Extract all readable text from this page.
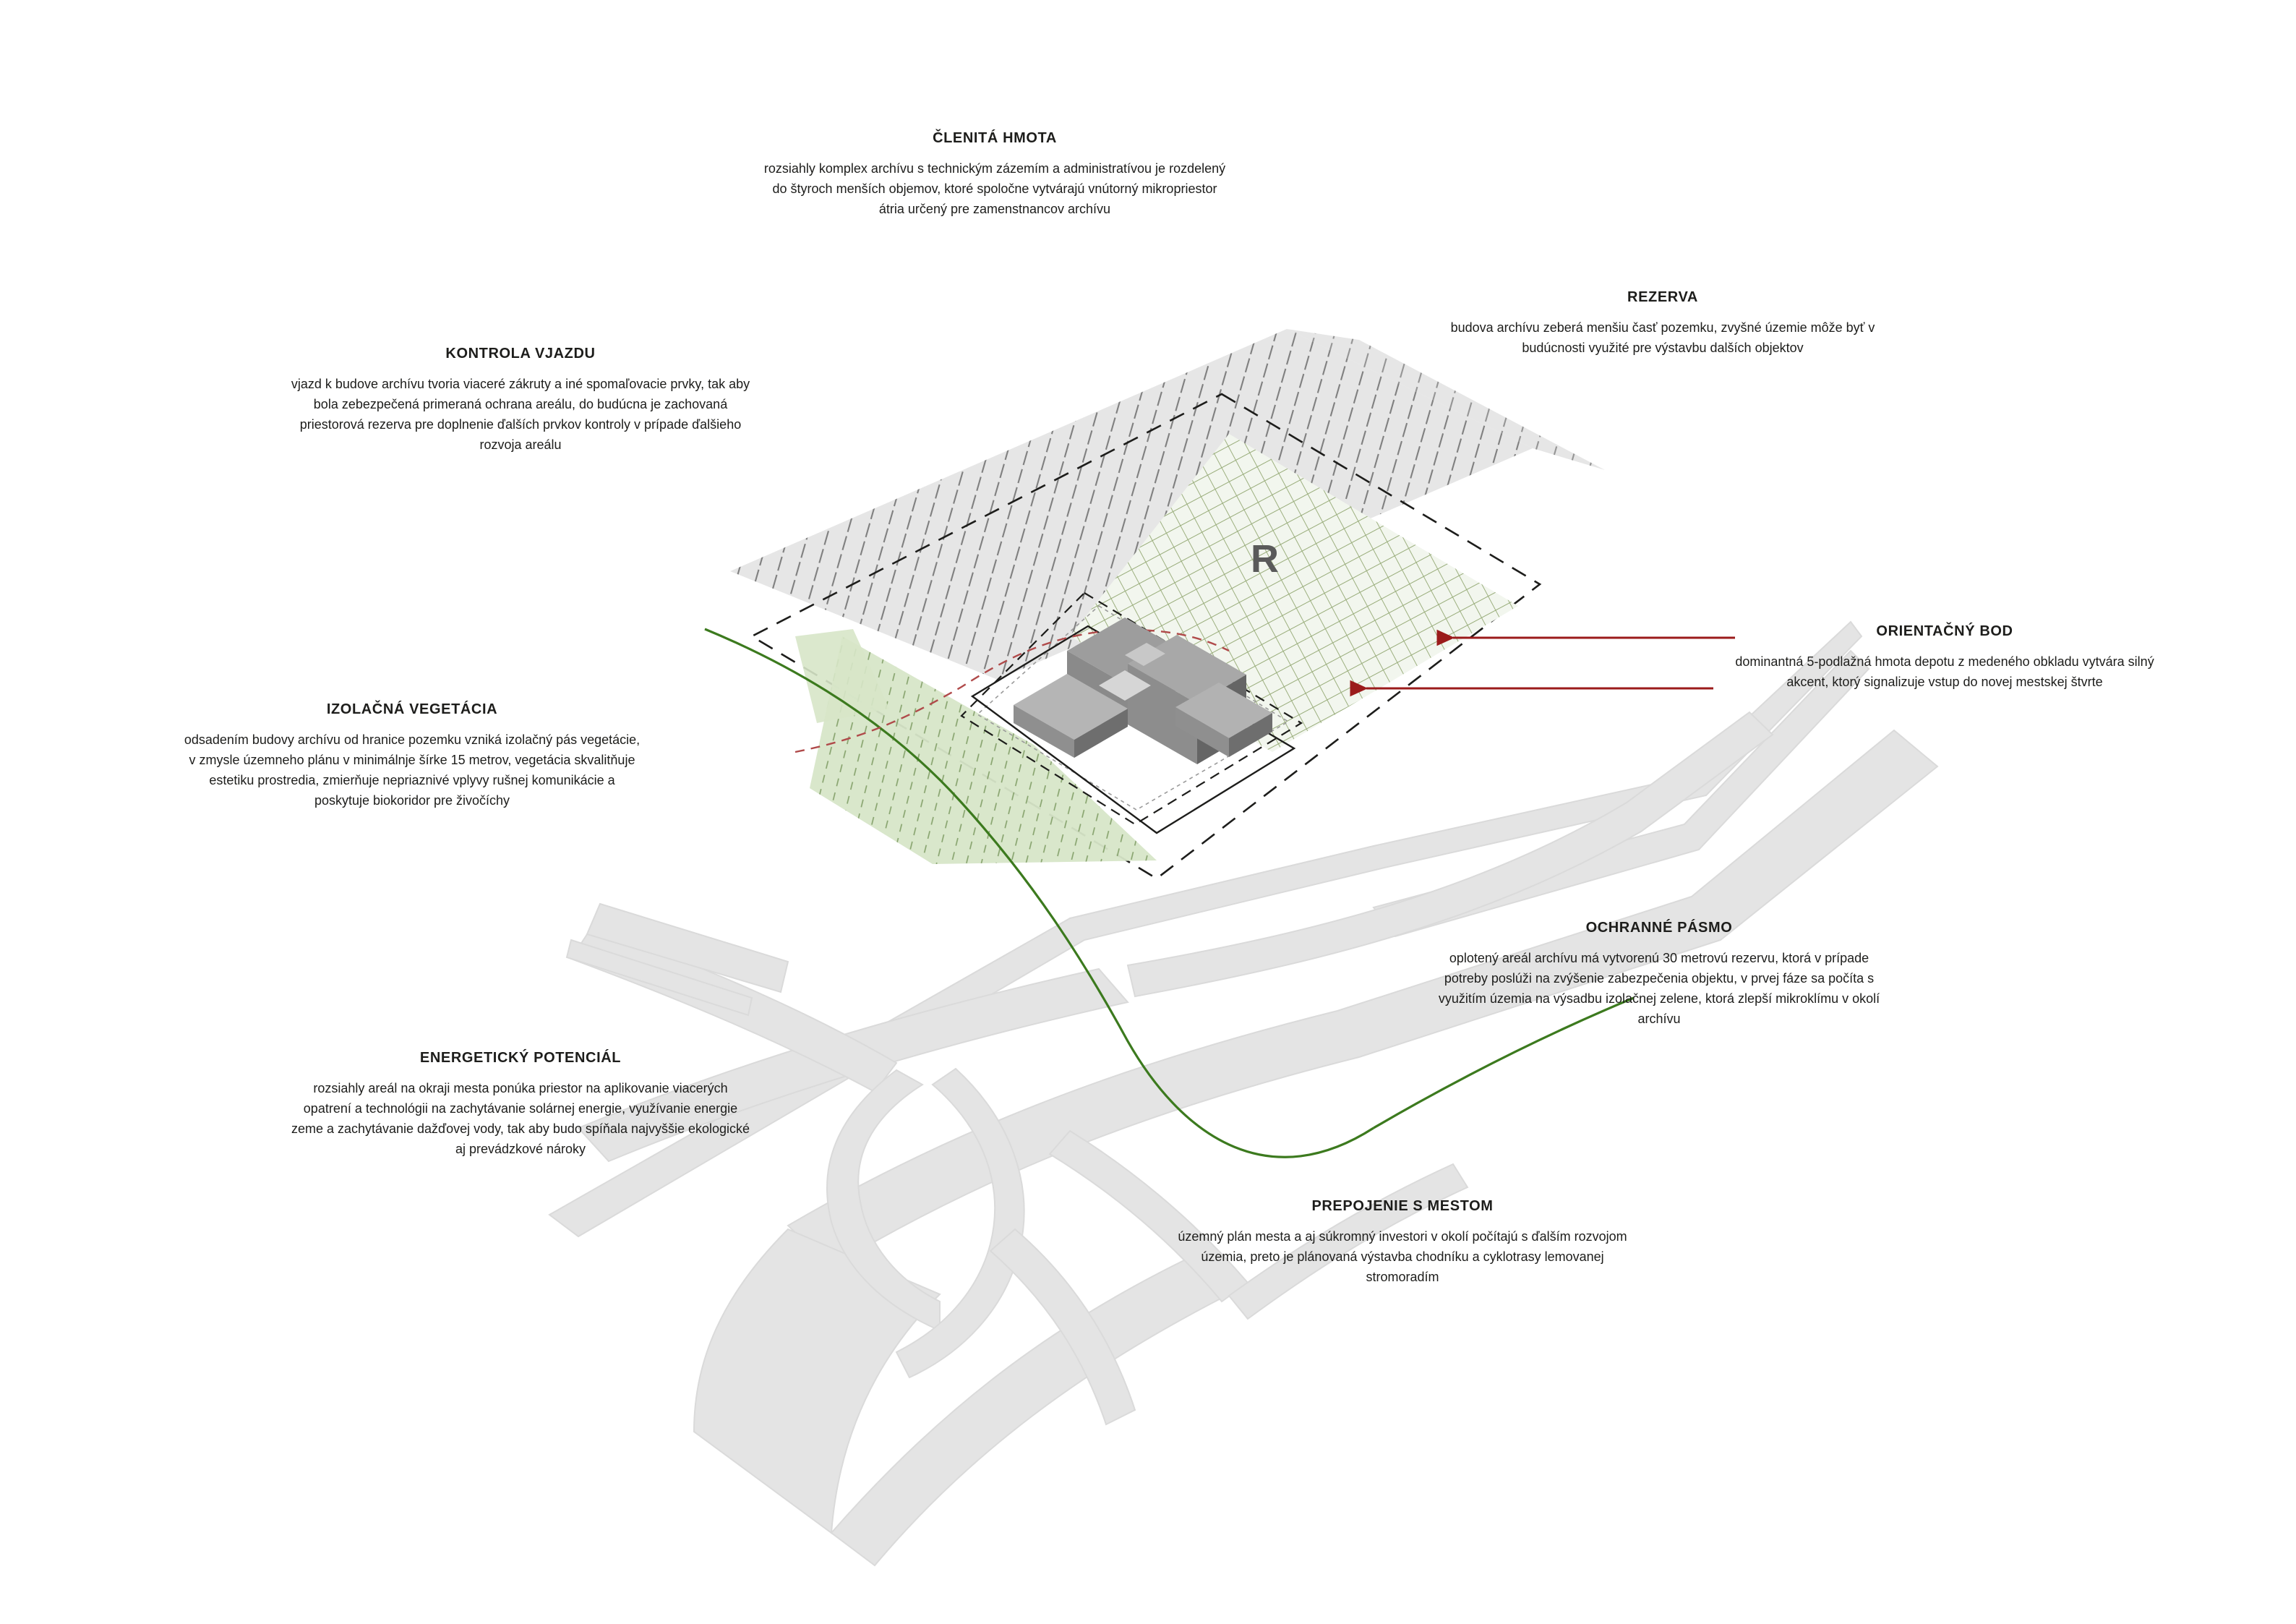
R

ČLENITÁ HMOTA

rozsiahly komplex archívu s technickým zázemím a administratívou je rozdelený do štyroch menších objemov, ktoré spoločne vytvárajú vnútorný mikropriestor átria určený pre zamenstnancov archívu

REZERVA

budova archívu zeberá menšiu časť pozemku, zvyšné územie môže byť v budúcnosti využité pre výstavbu dalších objektov

KONTROLA VJAZDU

vjazd k budove archívu tvoria viaceré zákruty a iné spomaľovacie prvky, tak aby bola zebezpečená primeraná ochrana areálu, do budúcna je zachovaná priestorová rezerva pre doplnenie ďalších prvkov kontroly v prípade ďalšieho rozvoja areálu

ORIENTAČNÝ BOD

dominantná 5-podlažná hmota depotu z medeného obkladu vytvára silný akcent, ktorý signalizuje vstup do novej mestskej štvrte

IZOLAČNÁ VEGETÁCIA

odsadením budovy archívu od hranice pozemku vzniká izolačný pás vegetácie, v zmysle územneho plánu v minimálnje šírke 15 metrov, vegetácia skvalitňuje estetiku prostredia, zmierňuje nepriaznivé vplyvy rušnej komunikácie a poskytuje biokoridor pre živočíchy

OCHRANNÉ PÁSMO

oplotený areál archívu má vytvorenú 30 metrovú rezervu, ktorá v prípade potreby poslúži na zvýšenie zabezpečenia objektu, v prvej fáze sa počíta s využitím územia na výsadbu izolačnej zelene, ktorá zlepší mikroklímu v okolí archívu

ENERGETICKÝ POTENCIÁL

rozsiahly areál na okraji mesta ponúka priestor na aplikovanie viacerých opatrení a technológii na zachytávanie solárnej energie, využívanie energie zeme a zachytávanie dažďovej vody, tak aby budo spíňala najvyššie ekologické aj prevádzkové nároky

PREPOJENIE S MESTOM

územný plán mesta a aj súkromný investori v okolí počítajú s ďalším rozvojom územia, preto je plánovaná výstavba chodníku a cyklotrasy lemovanej stromoradím
